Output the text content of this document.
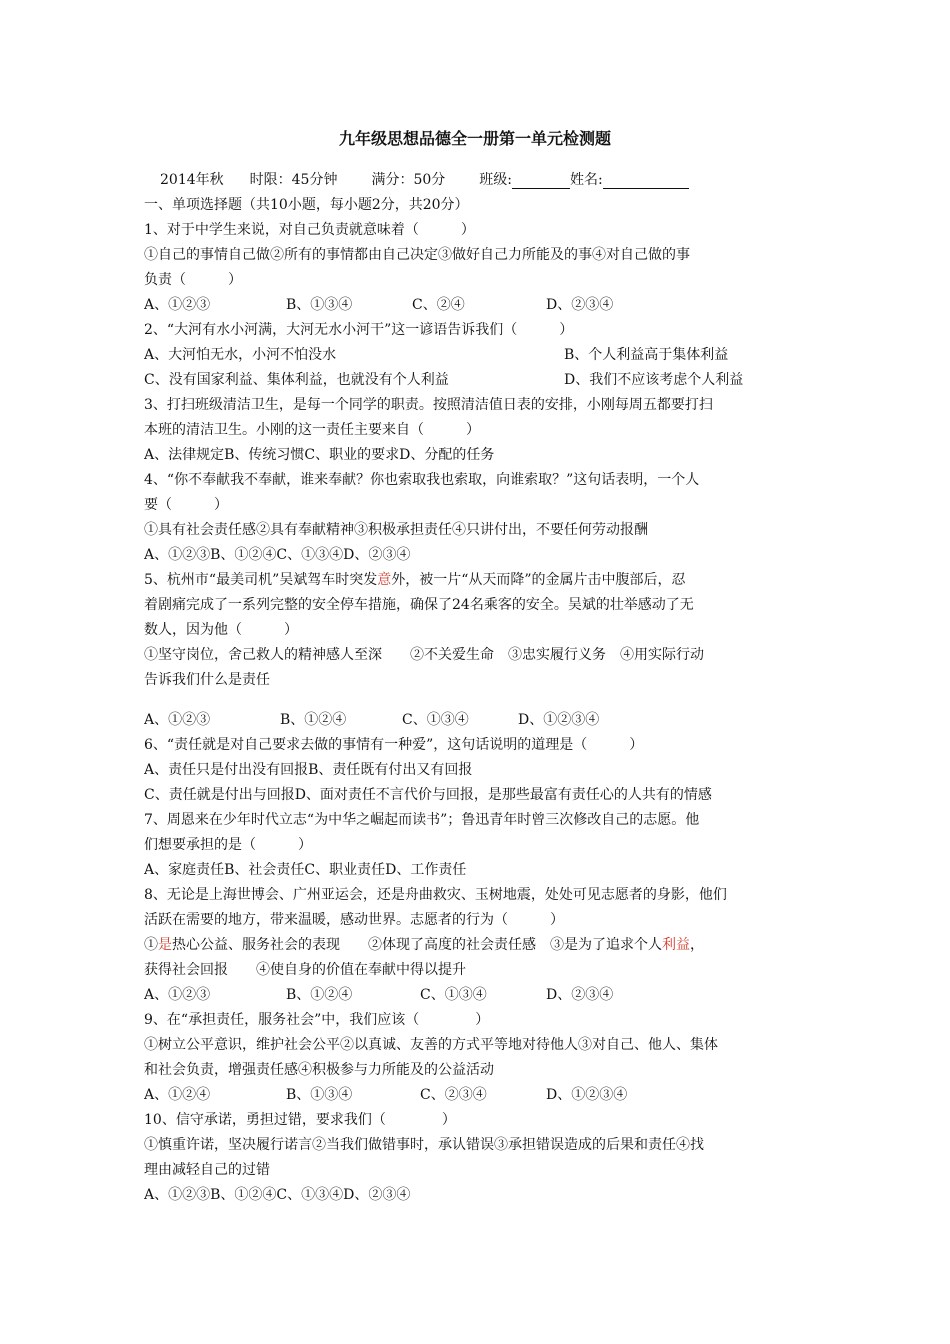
九年级思想品德全一册第一单元检测题
2014年秋 时限：45分钟 满分：50分 班级:	姓名:
一、单项选择题（共10小题，每小题2分，共20分）
1、对于中学生来说，对自己负责就意味着（　　　）
①自己的事情自己做②所有的事情都由自己决定③做好自己力所能及的事④对自己做的事
负责（　　　）
A、①②③	B、①③④	C、②④	D、②③④
2、“大河有水小河满，大河无水小河干”这一谚语告诉我们（　　　）
A、大河怕无水，小河不怕没水	B、个人利益高于集体利益
C、没有国家利益、集体利益，也就没有个人利益	D、我们不应该考虑个人利益
3、打扫班级清洁卫生，是每一个同学的职责。按照清洁值日表的安排，小刚每周五都要打扫
本班的清洁卫生。小刚的这一责任主要来自（　　　）
A、法律规定B、传统习惯C、职业的要求D、分配的任务
4、“你不奉献我不奉献，谁来奉献？你也索取我也索取，向谁索取？”这句话表明，一个人
要（　　　）
①具有社会责任感②具有奉献精神③积极承担责任④只讲付出，不要任何劳动报酬
A、①②③B、①②④C、①③④D、②③④
5、杭州市“最美司机”吴斌驾车时突发意外，被一片“从天而降”的金属片击中腹部后，忍
着剧痛完成了一系列完整的安全停车措施，确保了24名乘客的安全。吴斌的壮举感动了无
数人，因为他（　　　）
①坚守岗位，舍己救人的精神感人至深　　②不关爱生命　③忠实履行义务　④用实际行动
告诉我们什么是责任
A、①②③	B、①②④	C、①③④	D、①②③④
6、“责任就是对自己要求去做的事情有一种爱”，这句话说明的道理是（　　　）
A、责任只是付出没有回报B、责任既有付出又有回报
C、责任就是付出与回报D、面对责任不言代价与回报，是那些最富有责任心的人共有的情感
7、周恩来在少年时代立志“为中华之崛起而读书”；鲁迅青年时曾三次修改自己的志愿。他
们想要承担的是（　　　）
A、家庭责任B、社会责任C、职业责任D、工作责任
8、无论是上海世博会、广州亚运会，还是舟曲救灾、玉树地震，处处可见志愿者的身影，他们
活跃在需要的地方，带来温暖，感动世界。志愿者的行为（　　　）
①是热心公益、服务社会的表现　　②体现了高度的社会责任感　③是为了追求个人利益，
获得社会回报　　④使自身的价值在奉献中得以提升
A、①②③	B、①②④	C、①③④	D、②③④
9、在“承担责任，服务社会”中，我们应该（　　　　）
①树立公平意识，维护社会公平②以真诚、友善的方式平等地对待他人③对自己、他人、集体
和社会负责，增强责任感④积极参与力所能及的公益活动
A、①②④	B、①③④	C、②③④	D、①②③④
10、信守承诺，勇担过错，要求我们（　　　　）
①慎重许诺，坚决履行诺言②当我们做错事时，承认错误③承担错误造成的后果和责任④找
理由减轻自己的过错
A、①②③B、①②④C、①③④D、②③④
